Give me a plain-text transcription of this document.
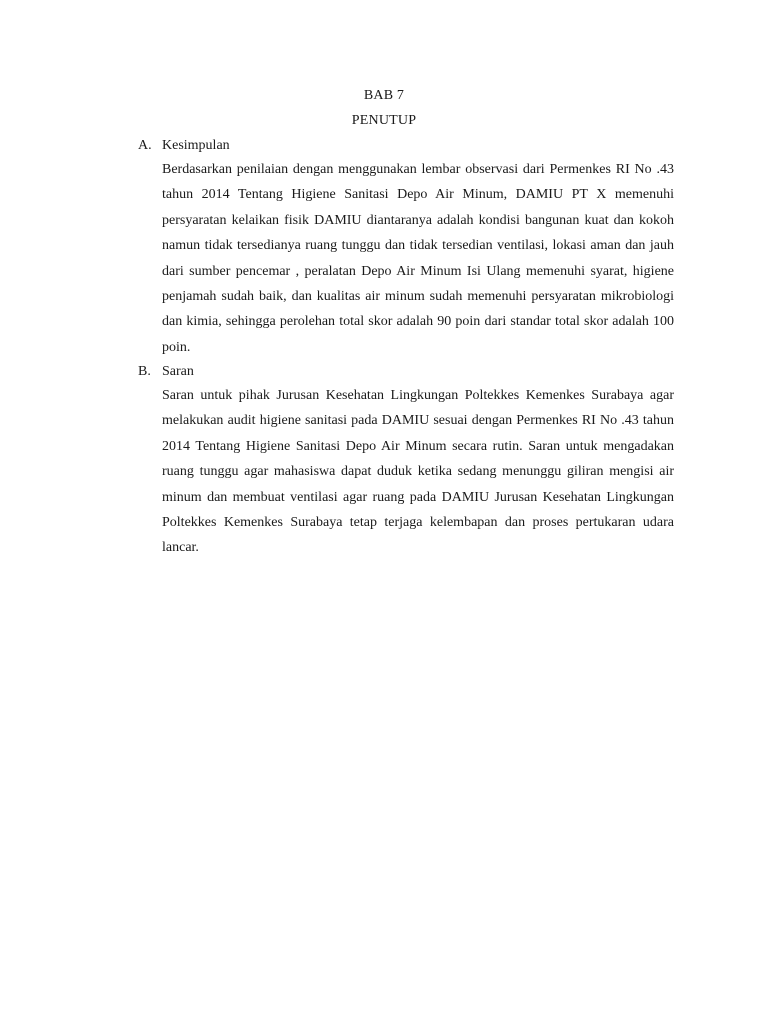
BAB 7
PENUTUP
A. Kesimpulan
Berdasarkan penilaian dengan menggunakan lembar observasi dari Permenkes RI No .43 tahun 2014 Tentang Higiene Sanitasi Depo Air Minum, DAMIU PT X memenuhi persyaratan kelaikan fisik DAMIU diantaranya adalah kondisi bangunan kuat dan kokoh namun tidak tersedianya ruang tunggu dan tidak tersedian ventilasi, lokasi aman dan jauh dari sumber pencemar , peralatan Depo Air Minum Isi Ulang memenuhi syarat, higiene penjamah sudah baik, dan kualitas air minum sudah memenuhi persyaratan mikrobiologi dan kimia, sehingga perolehan total skor adalah 90 poin dari standar total skor adalah 100 poin.
B. Saran
Saran untuk pihak Jurusan Kesehatan Lingkungan Poltekkes Kemenkes Surabaya agar melakukan audit higiene sanitasi pada DAMIU sesuai dengan Permenkes RI No .43 tahun 2014 Tentang Higiene Sanitasi Depo Air Minum secara rutin. Saran untuk mengadakan ruang tunggu agar mahasiswa dapat duduk ketika sedang menunggu giliran mengisi air minum dan membuat ventilasi agar ruang pada DAMIU Jurusan Kesehatan Lingkungan Poltekkes Kemenkes Surabaya tetap terjaga kelembapan dan proses pertukaran udara lancar.
